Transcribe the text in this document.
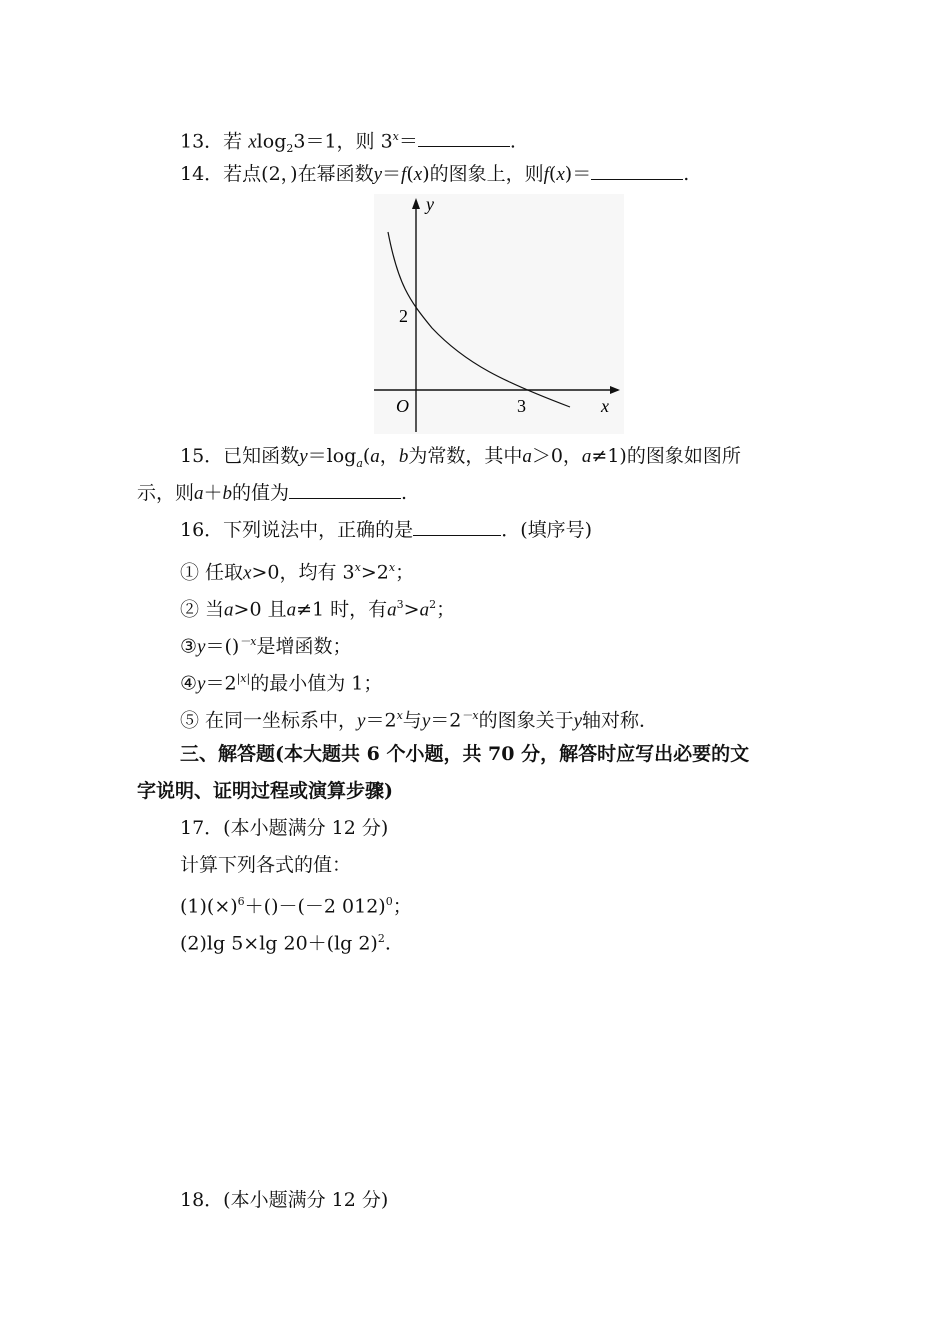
13．若 xlog$_2$3＝1，则 $3^x=$	.
14．若点(2，)在幂函数y＝f(x)的图象上，则f(x)＝	.
y
x
O
2
3
15．已知函数$y=\log_a(a$，b为常数，其中a＞0，a≠1)的图象如图所
示，则a＋b的值为	.
16．下列说法中，正确的是	．(填序号)
① 任取x>0，均有 $3^x>2^x$；
② 当a>0 且a≠1 时，有$a^3>a^2$；
③y＝()$^{-x}$是增函数；
$④y=2^{|x|}$的最小值为 1；
⑤ 在同一坐标系中，$y=2^x$与$y=2^{-x}$的图象关于y轴对称．
三、解答题(本大题共 6 个小题，共 70 分，解答时应写出必要的文
字说明、证明过程或演算步骤)
17．(本小题满分 12 分)
计算下列各式的值：
$(1)(\times)^6+()-(-2$ 012)$^0$；
(2)lg 5×lg 20＋(lg 2)$^2$.
18．(本小题满分 12 分)
